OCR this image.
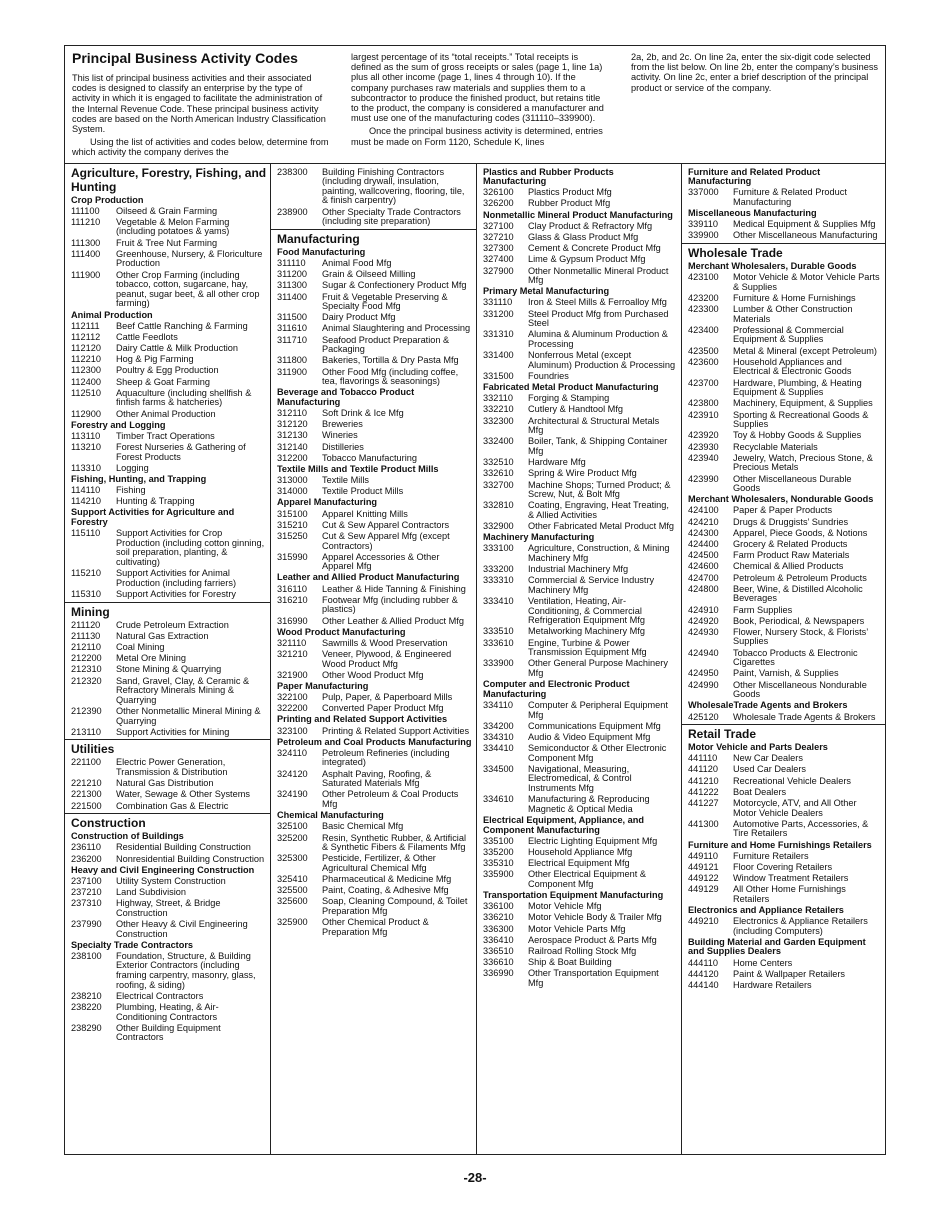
Principal Business Activity Codes
This list of principal business activities and their associated codes is designed to classify an enterprise by the type of activity in which it is engaged to facilitate the administration of the Internal Revenue Code. These principal business activity codes are based on the North American Industry Classification System.
Using the list of activities and codes below, determine from which activity the company derives the
largest percentage of its “total receipts.” Total receipts is defined as the sum of gross receipts or sales (page 1, line 1a) plus all other income (page 1, lines 4 through 10). If the company purchases raw materials and supplies them to a subcontractor to produce the finished product, but retains title to the product, the company is considered a manufacturer and must use one of the manufacturing codes (311110–339900).
Once the principal business activity is determined, entries must be made on Form 1120, Schedule K, lines
2a, 2b, and 2c. On line 2a, enter the six-digit code selected from the list below. On line 2b, enter the company’s business activity. On line 2c, enter a brief description of the principal product or service of the company.
Agriculture, Forestry, Fishing, and Hunting
Crop Production
111100	Oilseed & Grain Farming
111210	Vegetable & Melon Farming (including potatoes & yams)
111300	Fruit & Tree Nut Farming
111400	Greenhouse, Nursery, & Floriculture Production
111900	Other Crop Farming (including tobacco, cotton, sugarcane, hay, peanut, sugar beet, & all other crop farming)
Animal Production
112111	Beef Cattle Ranching & Farming
112112	Cattle Feedlots
112120	Dairy Cattle & Milk Production
112210	Hog & Pig Farming
112300	Poultry & Egg Production
112400	Sheep & Goat Farming
112510	Aquaculture (including shellfish & finfish farms & hatcheries)
112900	Other Animal Production
Forestry and Logging
113110	Timber Tract Operations
113210	Forest Nurseries & Gathering of Forest Products
113310	Logging
Fishing, Hunting, and Trapping
114110	Fishing
114210	Hunting & Trapping
Support Activities for Agriculture and Forestry
115110	Support Activities for Crop Production (including cotton ginning, soil preparation, planting, & cultivating)
115210	Support Activities for Animal Production (including farriers)
115310	Support Activities for Forestry
Mining
211120	Crude Petroleum Extraction
211130	Natural Gas Extraction
212110	Coal Mining
212200	Metal Ore Mining
212310	Stone Mining & Quarrying
212320	Sand, Gravel, Clay, & Ceramic & Refractory Minerals Mining & Quarrying
212390	Other Nonmetallic Mineral Mining & Quarrying
213110	Support Activities for Mining
Utilities
221100	Electric Power Generation, Transmission & Distribution
221210	Natural Gas Distribution
221300	Water, Sewage & Other Systems
221500	Combination Gas & Electric
Construction
Construction of Buildings
236110	Residential Building Construction
236200	Nonresidential Building Construction
Heavy and Civil Engineering Construction
237100	Utility System Construction
237210	Land Subdivision
237310	Highway, Street, & Bridge Construction
237990	Other Heavy & Civil Engineering Construction
Specialty Trade Contractors
238100	Foundation, Structure, & Building Exterior Contractors (including framing carpentry, masonry, glass, roofing, & siding)
238210	Electrical Contractors
238220	Plumbing, Heating, & Air-Conditioning Contractors
238290	Other Building Equipment Contractors
238300	Building Finishing Contractors (including drywall, insulation, painting, wallcovering, flooring, tile, & finish carpentry)
238900	Other Specialty Trade Contractors (including site preparation)
Manufacturing
Food Manufacturing
311110	Animal Food Mfg
311200	Grain & Oilseed Milling
311300	Sugar & Confectionery Product Mfg
311400	Fruit & Vegetable Preserving & Specialty Food Mfg
311500	Dairy Product Mfg
311610	Animal Slaughtering and Processing
311710	Seafood Product Preparation & Packaging
311800	Bakeries, Tortilla & Dry Pasta Mfg
311900	Other Food Mfg (including coffee, tea, flavorings & seasonings)
Beverage and Tobacco Product Manufacturing
312110	Soft Drink & Ice Mfg
312120	Breweries
312130	Wineries
312140	Distilleries
312200	Tobacco Manufacturing
Textile Mills and Textile Product Mills
313000	Textile Mills
314000	Textile Product Mills
Apparel Manufacturing
315100	Apparel Knitting Mills
315210	Cut & Sew Apparel Contractors
315250	Cut & Sew Apparel Mfg (except Contractors)
315990	Apparel Accessories & Other Apparel Mfg
Leather and Allied Product Manufacturing
316110	Leather & Hide Tanning & Finishing
316210	Footwear Mfg (including rubber & plastics)
316990	Other Leather & Allied Product Mfg
Wood Product Manufacturing
321110	Sawmills & Wood Preservation
321210	Veneer, Plywood, & Engineered Wood Product Mfg
321900	Other Wood Product Mfg
Paper Manufacturing
322100	Pulp, Paper, & Paperboard Mills
322200	Converted Paper Product Mfg
Printing and Related Support Activities
323100	Printing & Related Support Activities
Petroleum and Coal Products Manufacturing
324110	Petroleum Refineries (including integrated)
324120	Asphalt Paving, Roofing, & Saturated Materials Mfg
324190	Other Petroleum & Coal Products Mfg
Chemical Manufacturing
325100	Basic Chemical Mfg
325200	Resin, Synthetic Rubber, & Artificial & Synthetic Fibers & Filaments Mfg
325300	Pesticide, Fertilizer, & Other Agricultural Chemical Mfg
325410	Pharmaceutical & Medicine Mfg
325500	Paint, Coating, & Adhesive Mfg
325600	Soap, Cleaning Compound, & Toilet Preparation Mfg
325900	Other Chemical Product & Preparation Mfg
Plastics and Rubber Products Manufacturing
326100	Plastics Product Mfg
326200	Rubber Product Mfg
Nonmetallic Mineral Product Manufacturing
327100	Clay Product & Refractory Mfg
327210	Glass & Glass Product Mfg
327300	Cement & Concrete Product Mfg
327400	Lime & Gypsum Product Mfg
327900	Other Nonmetallic Mineral Product Mfg
Primary Metal Manufacturing
331110	Iron & Steel Mills & Ferroalloy Mfg
331200	Steel Product Mfg from Purchased Steel
331310	Alumina & Aluminum Production & Processing
331400	Nonferrous Metal (except Aluminum) Production & Processing
331500	Foundries
Fabricated Metal Product Manufacturing
332110	Forging & Stamping
332210	Cutlery & Handtool Mfg
332300	Architectural & Structural Metals Mfg
332400	Boiler, Tank, & Shipping Container Mfg
332510	Hardware Mfg
332610	Spring & Wire Product Mfg
332700	Machine Shops; Turned Product; & Screw, Nut, & Bolt Mfg
332810	Coating, Engraving, Heat Treating, & Allied Activities
332900	Other Fabricated Metal Product Mfg
Machinery Manufacturing
333100	Agriculture, Construction, & Mining Machinery Mfg
333200	Industrial Machinery Mfg
333310	Commercial & Service Industry Machinery Mfg
333410	Ventilation, Heating, Air-Conditioning, & Commercial Refrigeration Equipment Mfg
333510	Metalworking Machinery Mfg
333610	Engine, Turbine & Power Transmission Equipment Mfg
333900	Other General Purpose Machinery Mfg
Computer and Electronic Product Manufacturing
334110	Computer & Peripheral Equipment Mfg
334200	Communications Equipment Mfg
334310	Audio & Video Equipment Mfg
334410	Semiconductor & Other Electronic Component Mfg
334500	Navigational, Measuring, Electromedical, & Control Instruments Mfg
334610	Manufacturing & Reproducing Magnetic & Optical Media
Electrical Equipment, Appliance, and Component Manufacturing
335100	Electric Lighting Equipment Mfg
335200	Household Appliance Mfg
335310	Electrical Equipment Mfg
335900	Other Electrical Equipment & Component Mfg
Transportation Equipment Manufacturing
336100	Motor Vehicle Mfg
336210	Motor Vehicle Body & Trailer Mfg
336300	Motor Vehicle Parts Mfg
336410	Aerospace Product & Parts Mfg
336510	Railroad Rolling Stock Mfg
336610	Ship & Boat Building
336990	Other Transportation Equipment Mfg
Furniture and Related Product Manufacturing
337000	Furniture & Related Product Manufacturing
Miscellaneous Manufacturing
339110	Medical Equipment & Supplies Mfg
339900	Other Miscellaneous Manufacturing
Wholesale Trade
Merchant Wholesalers, Durable Goods
423100	Motor Vehicle & Motor Vehicle Parts & Supplies
423200	Furniture & Home Furnishings
423300	Lumber & Other Construction Materials
423400	Professional & Commercial Equipment & Supplies
423500	Metal & Mineral (except Petroleum)
423600	Household Appliances and Electrical & Electronic Goods
423700	Hardware, Plumbing, & Heating Equipment & Supplies
423800	Machinery, Equipment, & Supplies
423910	Sporting & Recreational Goods & Supplies
423920	Toy & Hobby Goods & Supplies
423930	Recyclable Materials
423940	Jewelry, Watch, Precious Stone, & Precious Metals
423990	Other Miscellaneous Durable Goods
Merchant Wholesalers, Nondurable Goods
424100	Paper & Paper Products
424210	Drugs & Druggists’ Sundries
424300	Apparel, Piece Goods, & Notions
424400	Grocery & Related Products
424500	Farm Product Raw Materials
424600	Chemical & Allied Products
424700	Petroleum & Petroleum Products
424800	Beer, Wine, & Distilled Alcoholic Beverages
424910	Farm Supplies
424920	Book, Periodical, & Newspapers
424930	Flower, Nursery Stock, & Florists’ Supplies
424940	Tobacco Products & Electronic Cigarettes
424950	Paint, Varnish, & Supplies
424990	Other Miscellaneous Nondurable Goods
WholesaleTrade Agents and Brokers
425120	Wholesale Trade Agents & Brokers
Retail Trade
Motor Vehicle and Parts Dealers
441110	New Car Dealers
441120	Used Car Dealers
441210	Recreational Vehicle Dealers
441222	Boat Dealers
441227	Motorcycle, ATV, and All Other Motor Vehicle Dealers
441300	Automotive Parts, Accessories, & Tire Retailers
Furniture and Home Furnishings Retailers
449110	Furniture Retailers
449121	Floor Covering Retailers
449122	Window Treatment Retailers
449129	All Other Home Furnishings Retailers
Electronics and Appliance Retailers
449210	Electronics & Appliance Retailers (including Computers)
Building Material and Garden Equipment and Supplies Dealers
444110	Home Centers
444120	Paint & Wallpaper Retailers
444140	Hardware Retailers
-28-
